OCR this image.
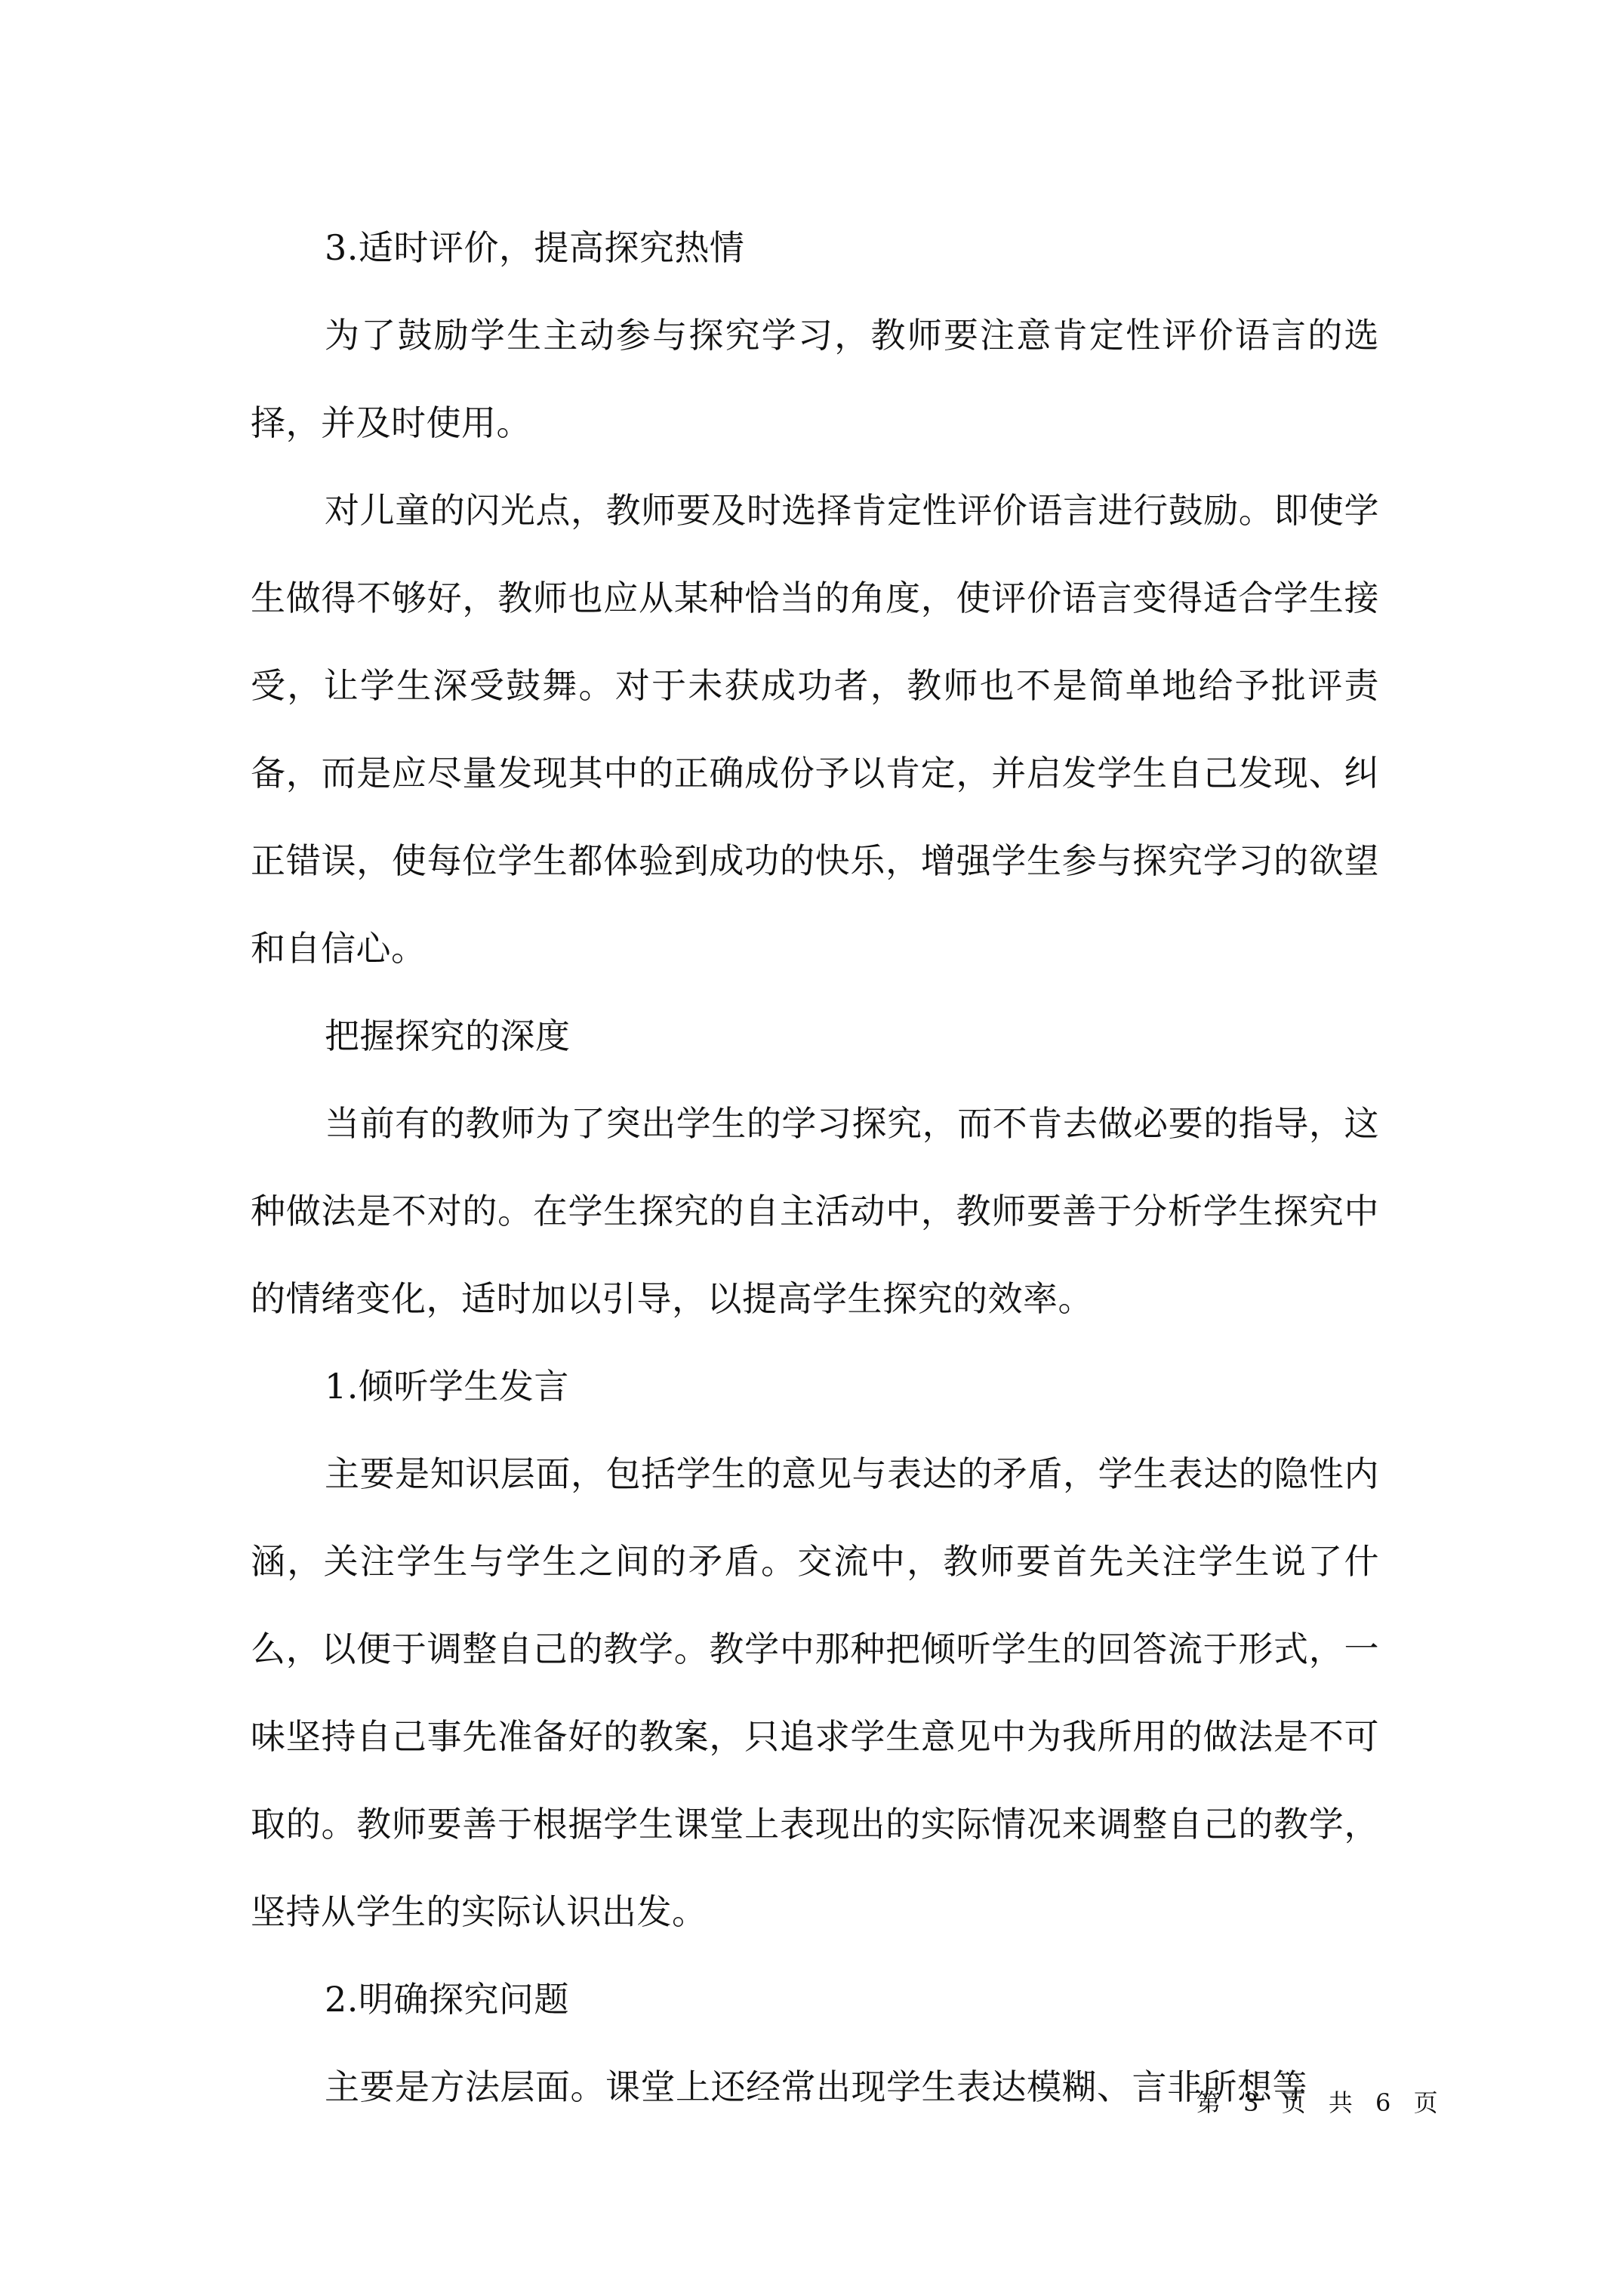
3.适时评价，提高探究热情

为了鼓励学生主动参与探究学习，教师要注意肯定性评价语言的选择，并及时使用。

对儿童的闪光点，教师要及时选择肯定性评价语言进行鼓励。即使学生做得不够好，教师也应从某种恰当的角度，使评价语言变得适合学生接受，让学生深受鼓舞。对于未获成功者，教师也不是简单地给予批评责备，而是应尽量发现其中的正确成份予以肯定，并启发学生自己发现、纠正错误，使每位学生都体验到成功的快乐，增强学生参与探究学习的欲望和自信心。

把握探究的深度

当前有的教师为了突出学生的学习探究，而不肯去做必要的指导，这种做法是不对的。在学生探究的自主活动中，教师要善于分析学生探究中的情绪变化，适时加以引导，以提高学生探究的效率。

1.倾听学生发言

主要是知识层面，包括学生的意见与表达的矛盾，学生表达的隐性内涵，关注学生与学生之间的矛盾。交流中，教师要首先关注学生说了什么，以便于调整自己的教学。教学中那种把倾听学生的回答流于形式，一味坚持自己事先准备好的教案，只追求学生意见中为我所用的做法是不可取的。教师要善于根据学生课堂上表现出的实际情况来调整自己的教学，坚持从学生的实际认识出发。

2.明确探究问题

主要是方法层面。课堂上还经常出现学生表达模糊、言非所想等

第 3 页 共 6 页
